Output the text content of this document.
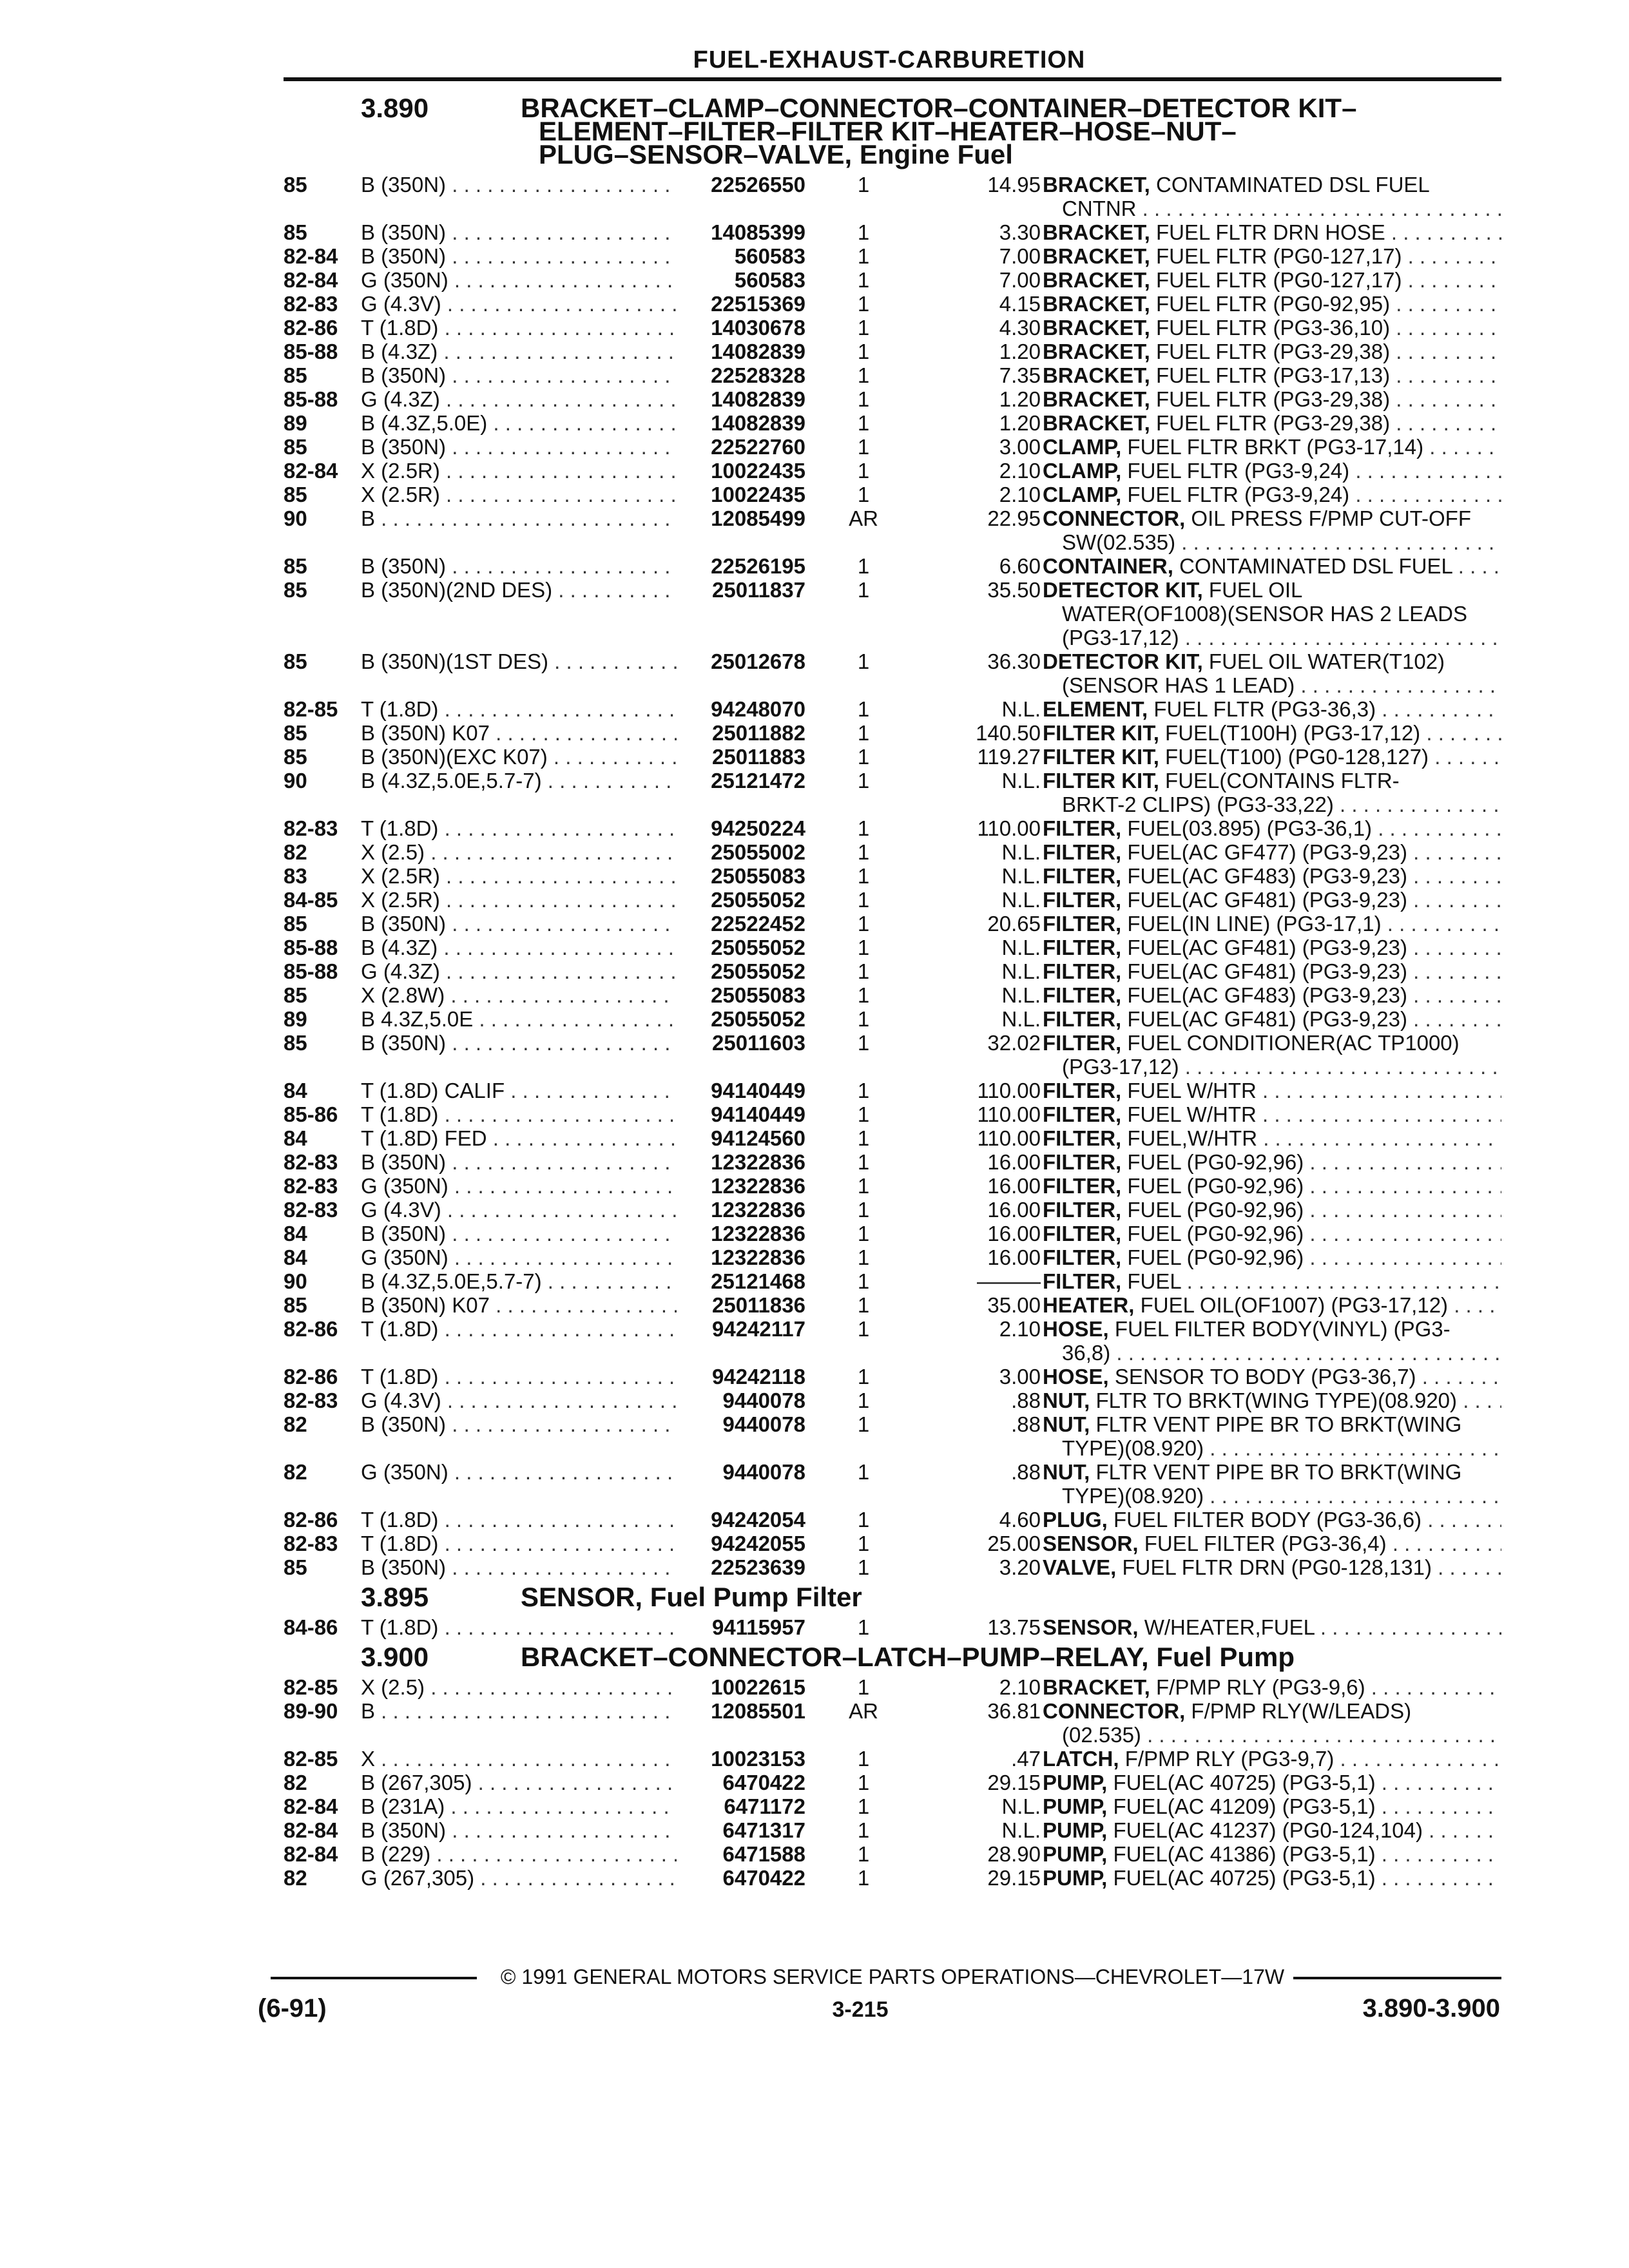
FUEL-EXHAUST-CARBURETION
3.890	BRACKET–CLAMP–CONNECTOR–CONTAINER–DETECTOR KIT–
ELEMENT–FILTER–FILTER KIT–HEATER–HOSE–NUT–
PLUG–SENSOR–VALVE, Engine Fuel
85	B (350N) . . .	22526550	1	14.95 BRACKET, CONTAMINATED DSL FUEL
CNTNR . . .
85	B (350N) . . .	14085399	1	3.30 BRACKET, FUEL FLTR DRN HOSE . . .
82-84	B (350N) . . .	560583	1	7.00 BRACKET, FUEL FLTR (PG0-127,17) . . .
82-84	G (350N) . . .	560583	1	7.00 BRACKET, FUEL FLTR (PG0-127,17) . . .
82-83	G (4.3V) . . .	22515369	1	4.15 BRACKET, FUEL FLTR (PG0-92,95) . . .
82-86	T (1.8D) . . .	14030678	1	4.30 BRACKET, FUEL FLTR (PG3-36,10) . . .
85-88	B (4.3Z) . . .	14082839	1	1.20 BRACKET, FUEL FLTR (PG3-29,38) . . .
85	B (350N) . . .	22528328	1	7.35 BRACKET, FUEL FLTR (PG3-17,13) . . .
85-88	G (4.3Z) . . .	14082839	1	1.20 BRACKET, FUEL FLTR (PG3-29,38) . . .
89	B (4.3Z,5.0E) . . .	14082839	1	1.20 BRACKET, FUEL FLTR (PG3-29,38) . . .
85	B (350N) . . .	22522760	1	3.00 CLAMP, FUEL FLTR BRKT (PG3-17,14) . . .
82-84	X (2.5R) . . .	10022435	1	2.10 CLAMP, FUEL FLTR (PG3-9,24) . . .
85	X (2.5R) . . .	10022435	1	2.10 CLAMP, FUEL FLTR (PG3-9,24) . . .
90	B . . .	12085499 AR	22.95 CONNECTOR, OIL PRESS F/PMP CUT-OFF
SW(02.535) . . .
85	B (350N) . . .	22526195	1	6.60 CONTAINER, CONTAMINATED DSL FUEL . . .
85	B (350N)(2ND DES) . . .	25011837	1	35.50 DETECTOR KIT, FUEL OIL
WATER(OF1008)(SENSOR HAS 2 LEADS
(PG3-17,12) . . .
85	B (350N)(1ST DES) . . .	25012678	1	36.30 DETECTOR KIT, FUEL OIL WATER(T102)
(SENSOR HAS 1 LEAD) . . .
82-85	T (1.8D) . . .	94248070	1	N.L. ELEMENT, FUEL FLTR (PG3-36,3) . . .
85	B (350N) K07 . . .	25011882	1	140.50 FILTER KIT, FUEL(T100H) (PG3-17,12) . . .
85	B (350N)(EXC K07) . . .	25011883	1	119.27 FILTER KIT, FUEL(T100) (PG0-128,127) . . .
90	B (4.3Z,5.0E,5.7-7) . . .	25121472	1	N.L. FILTER KIT, FUEL(CONTAINS FLTR-
BRKT-2 CLIPS) (PG3-33,22) . . .
82-83	T (1.8D) . . .	94250224	1	110.00 FILTER, FUEL(03.895) (PG3-36,1) . . .
82	X (2.5) . . .	25055002	1	N.L. FILTER, FUEL(AC GF477) (PG3-9,23) . . .
83	X (2.5R) . . .	25055083	1	N.L. FILTER, FUEL(AC GF483) (PG3-9,23) . . .
84-85	X (2.5R) . . .	25055052	1	N.L. FILTER, FUEL(AC GF481) (PG3-9,23) . . .
85	B (350N) . . .	22522452	1	20.65 FILTER, FUEL(IN LINE) (PG3-17,1) . . .
85-88	B (4.3Z) . . .	25055052	1	N.L. FILTER, FUEL(AC GF481) (PG3-9,23) . . .
85-88	G (4.3Z) . . .	25055052	1	N.L. FILTER, FUEL(AC GF481) (PG3-9,23) . . .
85	X (2.8W) . . .	25055083	1	N.L. FILTER, FUEL(AC GF483) (PG3-9,23) . . .
89	B 4.3Z,5.0E . . .	25055052	1	N.L. FILTER, FUEL(AC GF481) (PG3-9,23) . . .
85	B (350N) . . .	25011603	1	32.02 FILTER, FUEL CONDITIONER(AC TP1000)
(PG3-17,12) . . .
84	T (1.8D) CALIF . . .	94140449	1	110.00 FILTER, FUEL W/HTR . . .
85-86	T (1.8D) . . .	94140449	1	110.00 FILTER, FUEL W/HTR . . .
84	T (1.8D) FED . . .	94124560	1	110.00 FILTER, FUEL,W/HTR . . .
82-83	B (350N) . . .	12322836	1	16.00 FILTER, FUEL (PG0-92,96) . . .
82-83	G (350N) . . .	12322836	1	16.00 FILTER, FUEL (PG0-92,96) . . .
82-83	G (4.3V) . . .	12322836	1	16.00 FILTER, FUEL (PG0-92,96) . . .
84	B (350N) . . .	12322836	1	16.00 FILTER, FUEL (PG0-92,96) . . .
84	G (350N) . . .	12322836	1	16.00 FILTER, FUEL (PG0-92,96) . . .
90	B (4.3Z,5.0E,5.7-7) . . .	25121468	1	——— FILTER, FUEL . . .
85	B (350N) K07 . . .	25011836	1	35.00 HEATER, FUEL OIL(OF1007) (PG3-17,12) . . .
82-86	T (1.8D) . . .	94242117	1	2.10 HOSE, FUEL FILTER BODY(VINYL) (PG3-
36,8) . . .
82-86	T (1.8D) . . .	94242118	1	3.00 HOSE, SENSOR TO BODY (PG3-36,7) . . .
82-83	G (4.3V) . . .	9440078	1	.88 NUT, FLTR TO BRKT(WING TYPE)(08.920) . . .
82	B (350N) . . .	9440078	1	.88 NUT, FLTR VENT PIPE BR TO BRKT(WING
TYPE)(08.920) . . .
82	G (350N) . . .	9440078	1	.88 NUT, FLTR VENT PIPE BR TO BRKT(WING
TYPE)(08.920) . . .
82-86	T (1.8D) . . .	94242054	1	4.60 PLUG, FUEL FILTER BODY (PG3-36,6) . . .
82-83	T (1.8D) . . .	94242055	1	25.00 SENSOR, FUEL FILTER (PG3-36,4) . . .
85	B (350N) . . .	22523639	1	3.20 VALVE, FUEL FLTR DRN (PG0-128,131) . . .
3.895	SENSOR, Fuel Pump Filter
84-86	T (1.8D) . . .	94115957	1	13.75 SENSOR, W/HEATER,FUEL . . .
3.900	BRACKET–CONNECTOR–LATCH–PUMP–RELAY, Fuel Pump
82-85	X (2.5) . . .	10022615	1	2.10 BRACKET, F/PMP RLY (PG3-9,6) . . .
89-90	B . . .	12085501 AR	36.81 CONNECTOR, F/PMP RLY(W/LEADS)
(02.535) . . .
82-85	X . . .	10023153	1	.47 LATCH, F/PMP RLY (PG3-9,7) . . .
82	B (267,305) . . .	6470422	1	29.15 PUMP, FUEL(AC 40725) (PG3-5,1) . . .
82-84	B (231A) . . .	6471172	1	N.L. PUMP, FUEL(AC 41209) (PG3-5,1) . . .
82-84	B (350N) . . .	6471317	1	N.L. PUMP, FUEL(AC 41237) (PG0-124,104) . . .
82-84	B (229) . . .	6471588	1	28.90 PUMP, FUEL(AC 41386) (PG3-5,1) . . .
82	G (267,305) . . .	6470422	1	29.15 PUMP, FUEL(AC 40725) (PG3-5,1) . . .
© 1991 GENERAL MOTORS SERVICE PARTS OPERATIONS—CHEVROLET—17W
(6-91)	3-215	3.890-3.900
